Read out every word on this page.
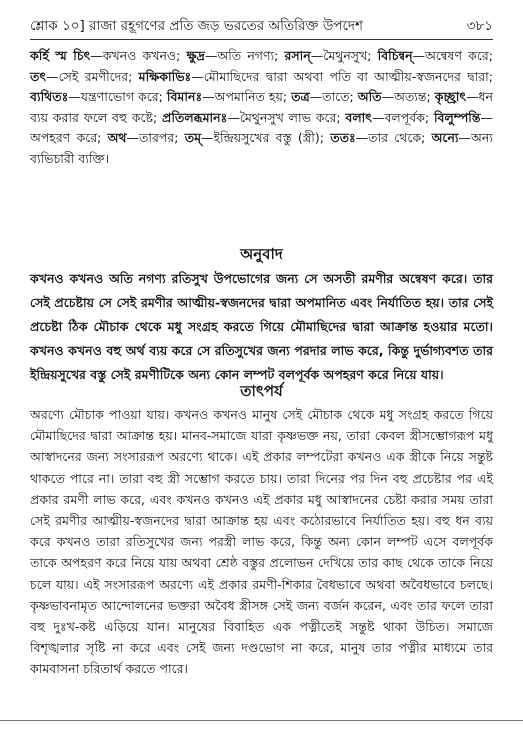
শ্লোক ১০] রাজা রহূগণের প্রতি জড় ভরতের অতিরিক্ত উপদেশ	৩৮১
কর্হি স্ম চিৎ—কখনও কখনও; ক্ষুদ্র—অতি নগণ্য; রসান্—মৈথুনসুখ; বিচিন্বন্—অন্বেষণ করে; তৎ—সেই রমণীদের; মক্ষিকাভিঃ—মৌমাছিদের দ্বারা অথবা পতি বা আত্মীয়-স্বজনদের দ্বারা; ব্যথিতঃ—যন্ত্রণাভোগ করে; বিমানঃ—অপমানিত হয়; তত্র—তাতে; অতি—অত্যন্ত; কৃচ্ছ্রাৎ—ধন ব্যয় করার ফলে বহু কষ্টে; প্রতিলব্ধমানঃ—মৈথুনসুখ লাভ করে; বলাৎ—বলপূর্বক; বিলুম্পন্তি—অপহরণ করে; অথ—তারপর; তম্—ইন্দ্রিয়সুখের বস্তু (স্ত্রী); ততঃ—তার থেকে; অন্যে—অন্য ব্যভিচারী ব্যক্তি।
অনুবাদ
কখনও কখনও অতি নগণ্য রতিসুখ উপভোগের জন্য সে অসতী রমণীর অন্বেষণ করে। তার সেই প্রচেষ্টায় সে সেই রমণীর আত্মীয়-স্বজনদের দ্বারা অপমানিত এবং নির্যাতিত হয়। তার সেই প্রচেষ্টা ঠিক মৌচাক থেকে মধু সংগ্রহ করতে গিয়ে মৌমাছিদের দ্বারা আক্রান্ত হওয়ার মতো। কখনও কখনও বহু অর্থ ব্যয় করে সে রতিসুখের জন্য পরদার লাভ করে, কিন্তু দুর্ভাগ্যবশত তার ইন্দ্রিয়সুখের বস্তু সেই রমণীটিকে অন্য কোন লম্পট বলপূর্বক অপহরণ করে নিয়ে যায়।
তাৎপর্য
অরণ্যে মৌচাক পাওয়া যায়। কখনও কখনও মানুষ সেই মৌচাক থেকে মধু সংগ্রহ করতে গিয়ে মৌমাছিদের দ্বারা আক্রান্ত হয়। মানব-সমাজে যারা কৃষ্ণভক্ত নয়, তারা কেবল স্ত্রীসম্ভোগরূপ মধু আস্বাদনের জন্য সংসাররূপ অরণ্যে থাকে। এই প্রকার লম্পটেরা কখনও এক স্ত্রীকে নিয়ে সন্তুষ্ট থাকতে পারে না। তারা বহু স্ত্রী সম্ভোগ করতে চায়। তারা দিনের পর দিন বহু প্রচেষ্টার পর এই প্রকার রমণী লাভ করে, এবং কখনও কখনও এই প্রকার মধু আস্বাদনের চেষ্টা করার সময় তারা সেই রমণীর আত্মীয়-স্বজনদের দ্বারা আক্রান্ত হয় এবং কঠোরভাবে নির্যাতিত হয়। বহু ধন ব্যয় করে কখনও তারা রতিসুখের জন্য পরস্ত্রী লাভ করে, কিন্তু অন্য কোন লম্পট এসে বলপূর্বক তাকে অপহরণ করে নিয়ে যায় অথবা শ্রেষ্ঠ বস্তুর প্রলোভন দেখিয়ে তার কাছ থেকে তাকে নিয়ে চলে যায়। এই সংসাররূপ অরণ্যে এই প্রকার রমণী-শিকার বৈধভাবে অথবা অবৈধভাবে চলছে। কৃষ্ণভাবনামৃত আন্দোলনের ভক্তরা অবৈধ স্ত্রীসঙ্গ সেই জন্য বর্জন করেন, এবং তার ফলে তারা বহু দুঃখ-কষ্ট এড়িয়ে যান। মানুষের বিবাহিত এক পত্নীতেই সন্তুষ্ট থাকা উচিত। সমাজে বিশৃঙ্খলার সৃষ্টি না করে এবং সেই জন্য দণ্ডভোগ না করে, মানুষ তার পত্নীর মাধ্যমে তার কামবাসনা চরিতার্থ করতে পারে।
